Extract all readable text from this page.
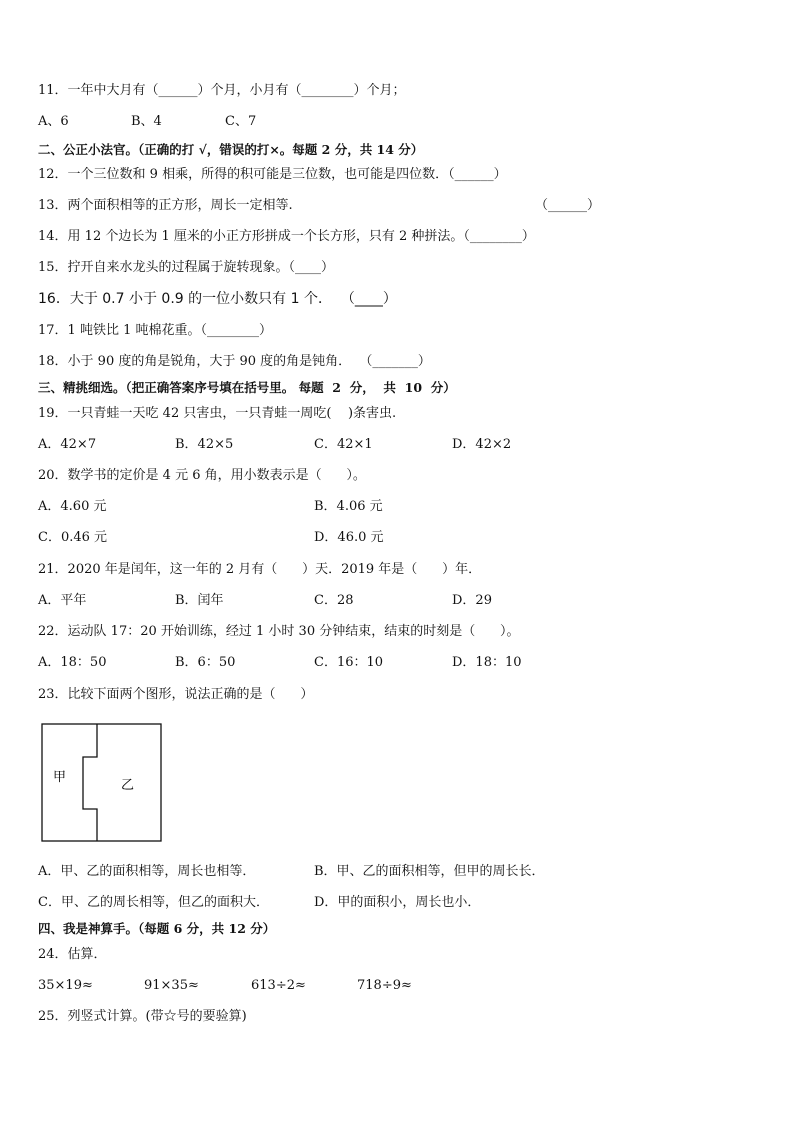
11．一年中大月有（______）个月，小月有（________）个月；
A、6	B、4	C、7
二、公正小法官。（正确的打 √，错误的打×。每题 2 分，共 14 分）
12．一个三位数和 9 相乘，所得的积可能是三位数，也可能是四位数．（______）
13．两个面积相等的正方形，周长一定相等.	（______）
14．用 12 个边长为 1 厘米的小正方形拼成一个长方形，只有 2 种拼法。（________）
15．拧开自来水龙头的过程属于旋转现象。（____）
16．大于 0.7 小于 0.9 的一位小数只有 1 个．  （____）
17．1 吨铁比 1 吨棉花重。（________）
18．小于 90 度的角是锐角，大于 90 度的角是钝角．  （_______）
三、精挑细选。（把正确答案序号填在括号里。 每题  2  分，  共  10  分）
19．一只青蛙一天吃 42 只害虫，一只青蛙一周吃(    )条害虫.
A．42×7	B．42×5	C．42×1	D．42×2
20．数学书的定价是 4 元 6 角，用小数表示是（      ）。
A．4.60 元	B．4.06 元
C．0.46 元	D．46.0 元
21．2020 年是闰年，这一年的 2 月有（      ）天．2019 年是（      ）年．
A．平年	B．闰年	C．28	D．29
22．运动队 17：20 开始训练，经过 1 小时 30 分钟结束，结束的时刻是（      ）。
A．18：50	B．6：50	C．16：10	D．18：10
23．比较下面两个图形，说法正确的是（      ）
甲
乙
A．甲、乙的面积相等，周长也相等．	B．甲、乙的面积相等，但甲的周长长．
C．甲、乙的周长相等，但乙的面积大．	D．甲的面积小，周长也小．
四、我是神算手。（每题 6 分，共 12 分）
24．估算．
35×19≈	91×35≈	613÷2≈	718÷9≈
25．列竖式计算。(带☆号的要验算)
